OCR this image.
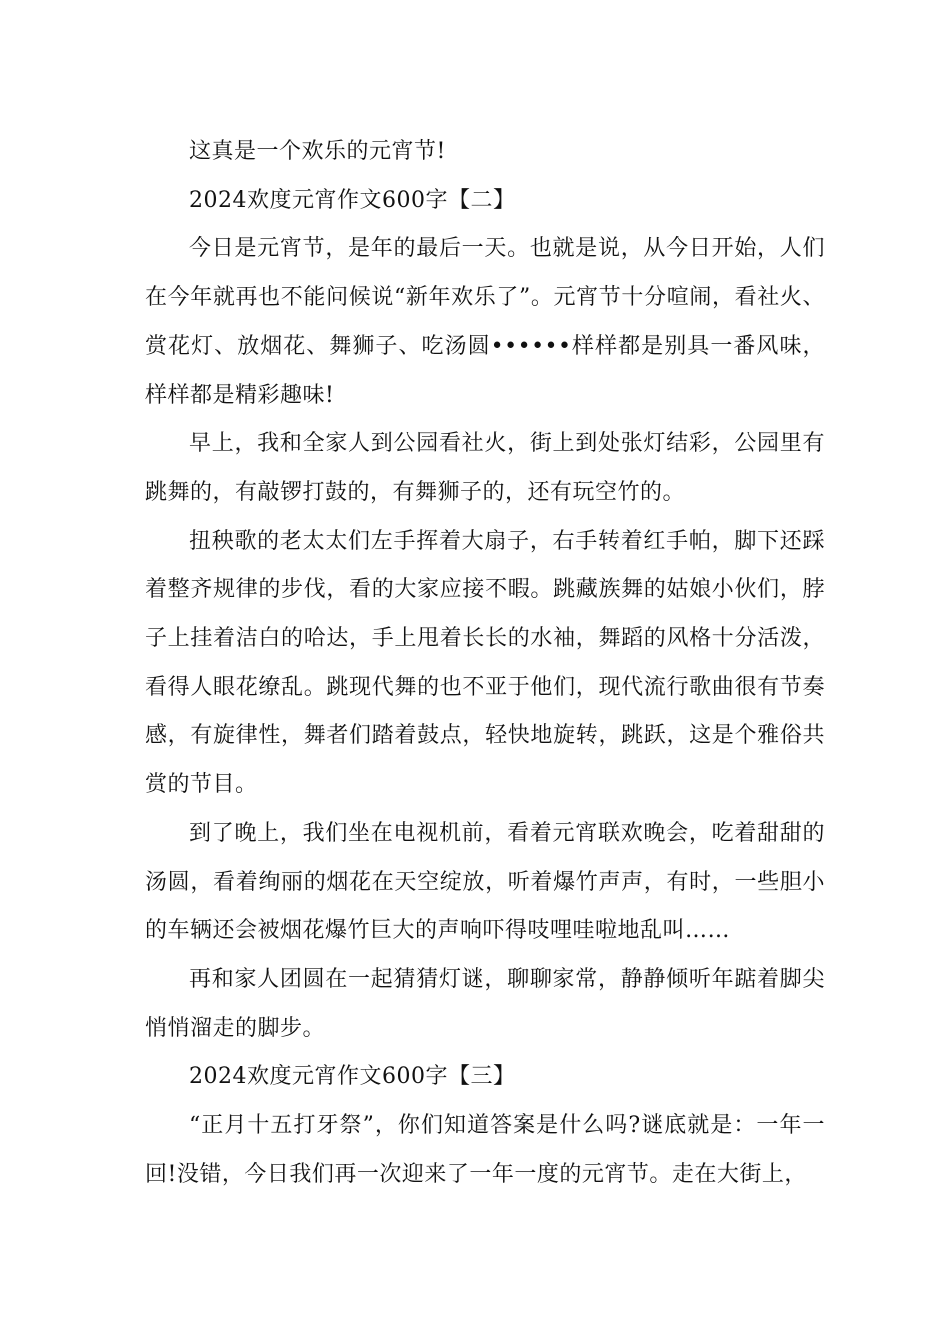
这真是一个欢乐的元宵节!

2024欢度元宵作文600字【二】

今日是元宵节，是年的最后一天。也就是说，从今日开始，人们在今年就再也不能问候说“新年欢乐了”。元宵节十分喧闹，看社火、赏花灯、放烟花、舞狮子、吃汤圆••••••样样都是别具一番风味，样样都是精彩趣味!

早上，我和全家人到公园看社火，街上到处张灯结彩，公园里有跳舞的，有敲锣打鼓的，有舞狮子的，还有玩空竹的。

扭秧歌的老太太们左手挥着大扇子，右手转着红手帕，脚下还踩着整齐规律的步伐，看的大家应接不暇。跳藏族舞的姑娘小伙们，脖子上挂着洁白的哈达，手上甩着长长的水袖，舞蹈的风格十分活泼，看得人眼花缭乱。跳现代舞的也不亚于他们，现代流行歌曲很有节奏感，有旋律性，舞者们踏着鼓点，轻快地旋转，跳跃，这是个雅俗共赏的节目。

到了晚上，我们坐在电视机前，看着元宵联欢晚会，吃着甜甜的汤圆，看着绚丽的烟花在天空绽放，听着爆竹声声，有时，一些胆小的车辆还会被烟花爆竹巨大的声响吓得吱哩哇啦地乱叫……

再和家人团圆在一起猜猜灯谜，聊聊家常，静静倾听年踮着脚尖悄悄溜走的脚步。

2024欢度元宵作文600字【三】

“正月十五打牙祭”，你们知道答案是什么吗?谜底就是：一年一回!没错，今日我们再一次迎来了一年一度的元宵节。走在大街上，
